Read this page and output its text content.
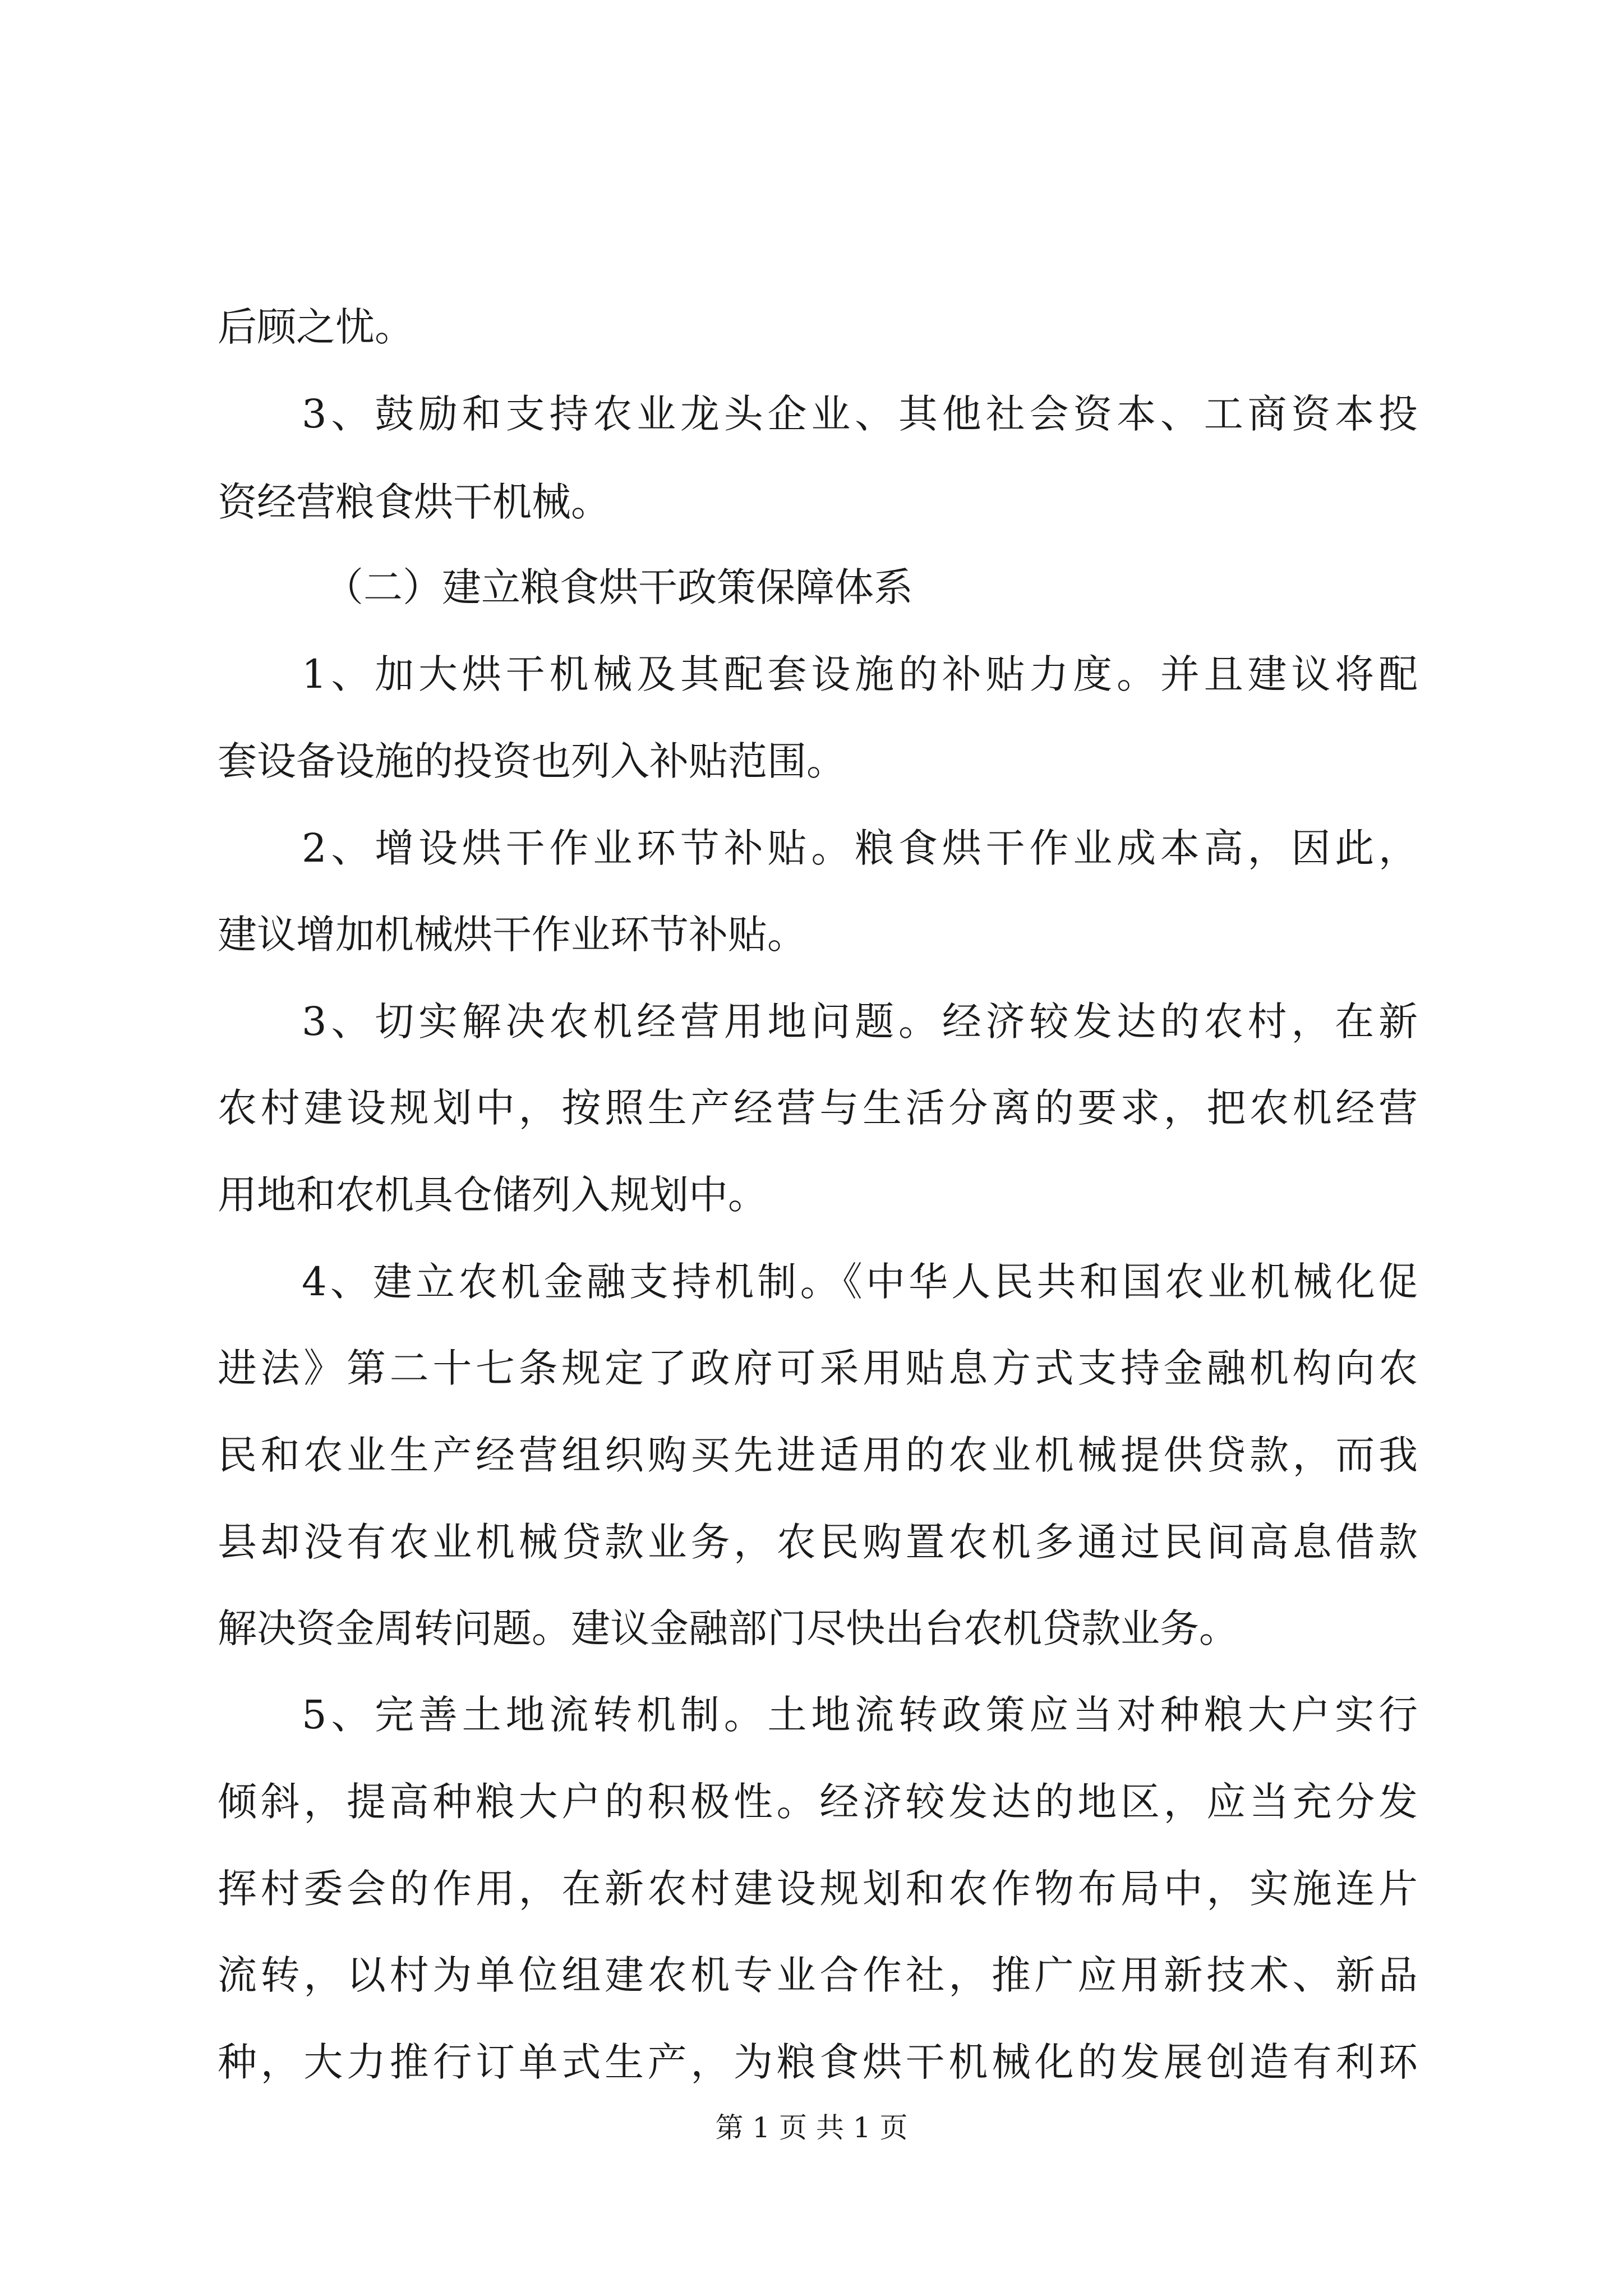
后顾之忧。
3、鼓励和支持农业龙头企业、其他社会资本、工商资本投
资经营粮食烘干机械。
（二）建立粮食烘干政策保障体系
1、加大烘干机械及其配套设施的补贴力度。并且建议将配
套设备设施的投资也列入补贴范围。
2、增设烘干作业环节补贴。粮食烘干作业成本高，因此，
建议增加机械烘干作业环节补贴。
3、切实解决农机经营用地问题。经济较发达的农村，在新
农村建设规划中，按照生产经营与生活分离的要求，把农机经营
用地和农机具仓储列入规划中。
4、建立农机金融支持机制。《中华人民共和国农业机械化促
进法》第二十七条规定了政府可采用贴息方式支持金融机构向农
民和农业生产经营组织购买先进适用的农业机械提供贷款，而我
县却没有农业机械贷款业务，农民购置农机多通过民间高息借款
解决资金周转问题。建议金融部门尽快出台农机贷款业务。
5、完善土地流转机制。土地流转政策应当对种粮大户实行
倾斜，提高种粮大户的积极性。经济较发达的地区，应当充分发
挥村委会的作用，在新农村建设规划和农作物布局中，实施连片
流转，以村为单位组建农机专业合作社，推广应用新技术、新品
种，大力推行订单式生产，为粮食烘干机械化的发展创造有利环
第 1 页 共 1 页
